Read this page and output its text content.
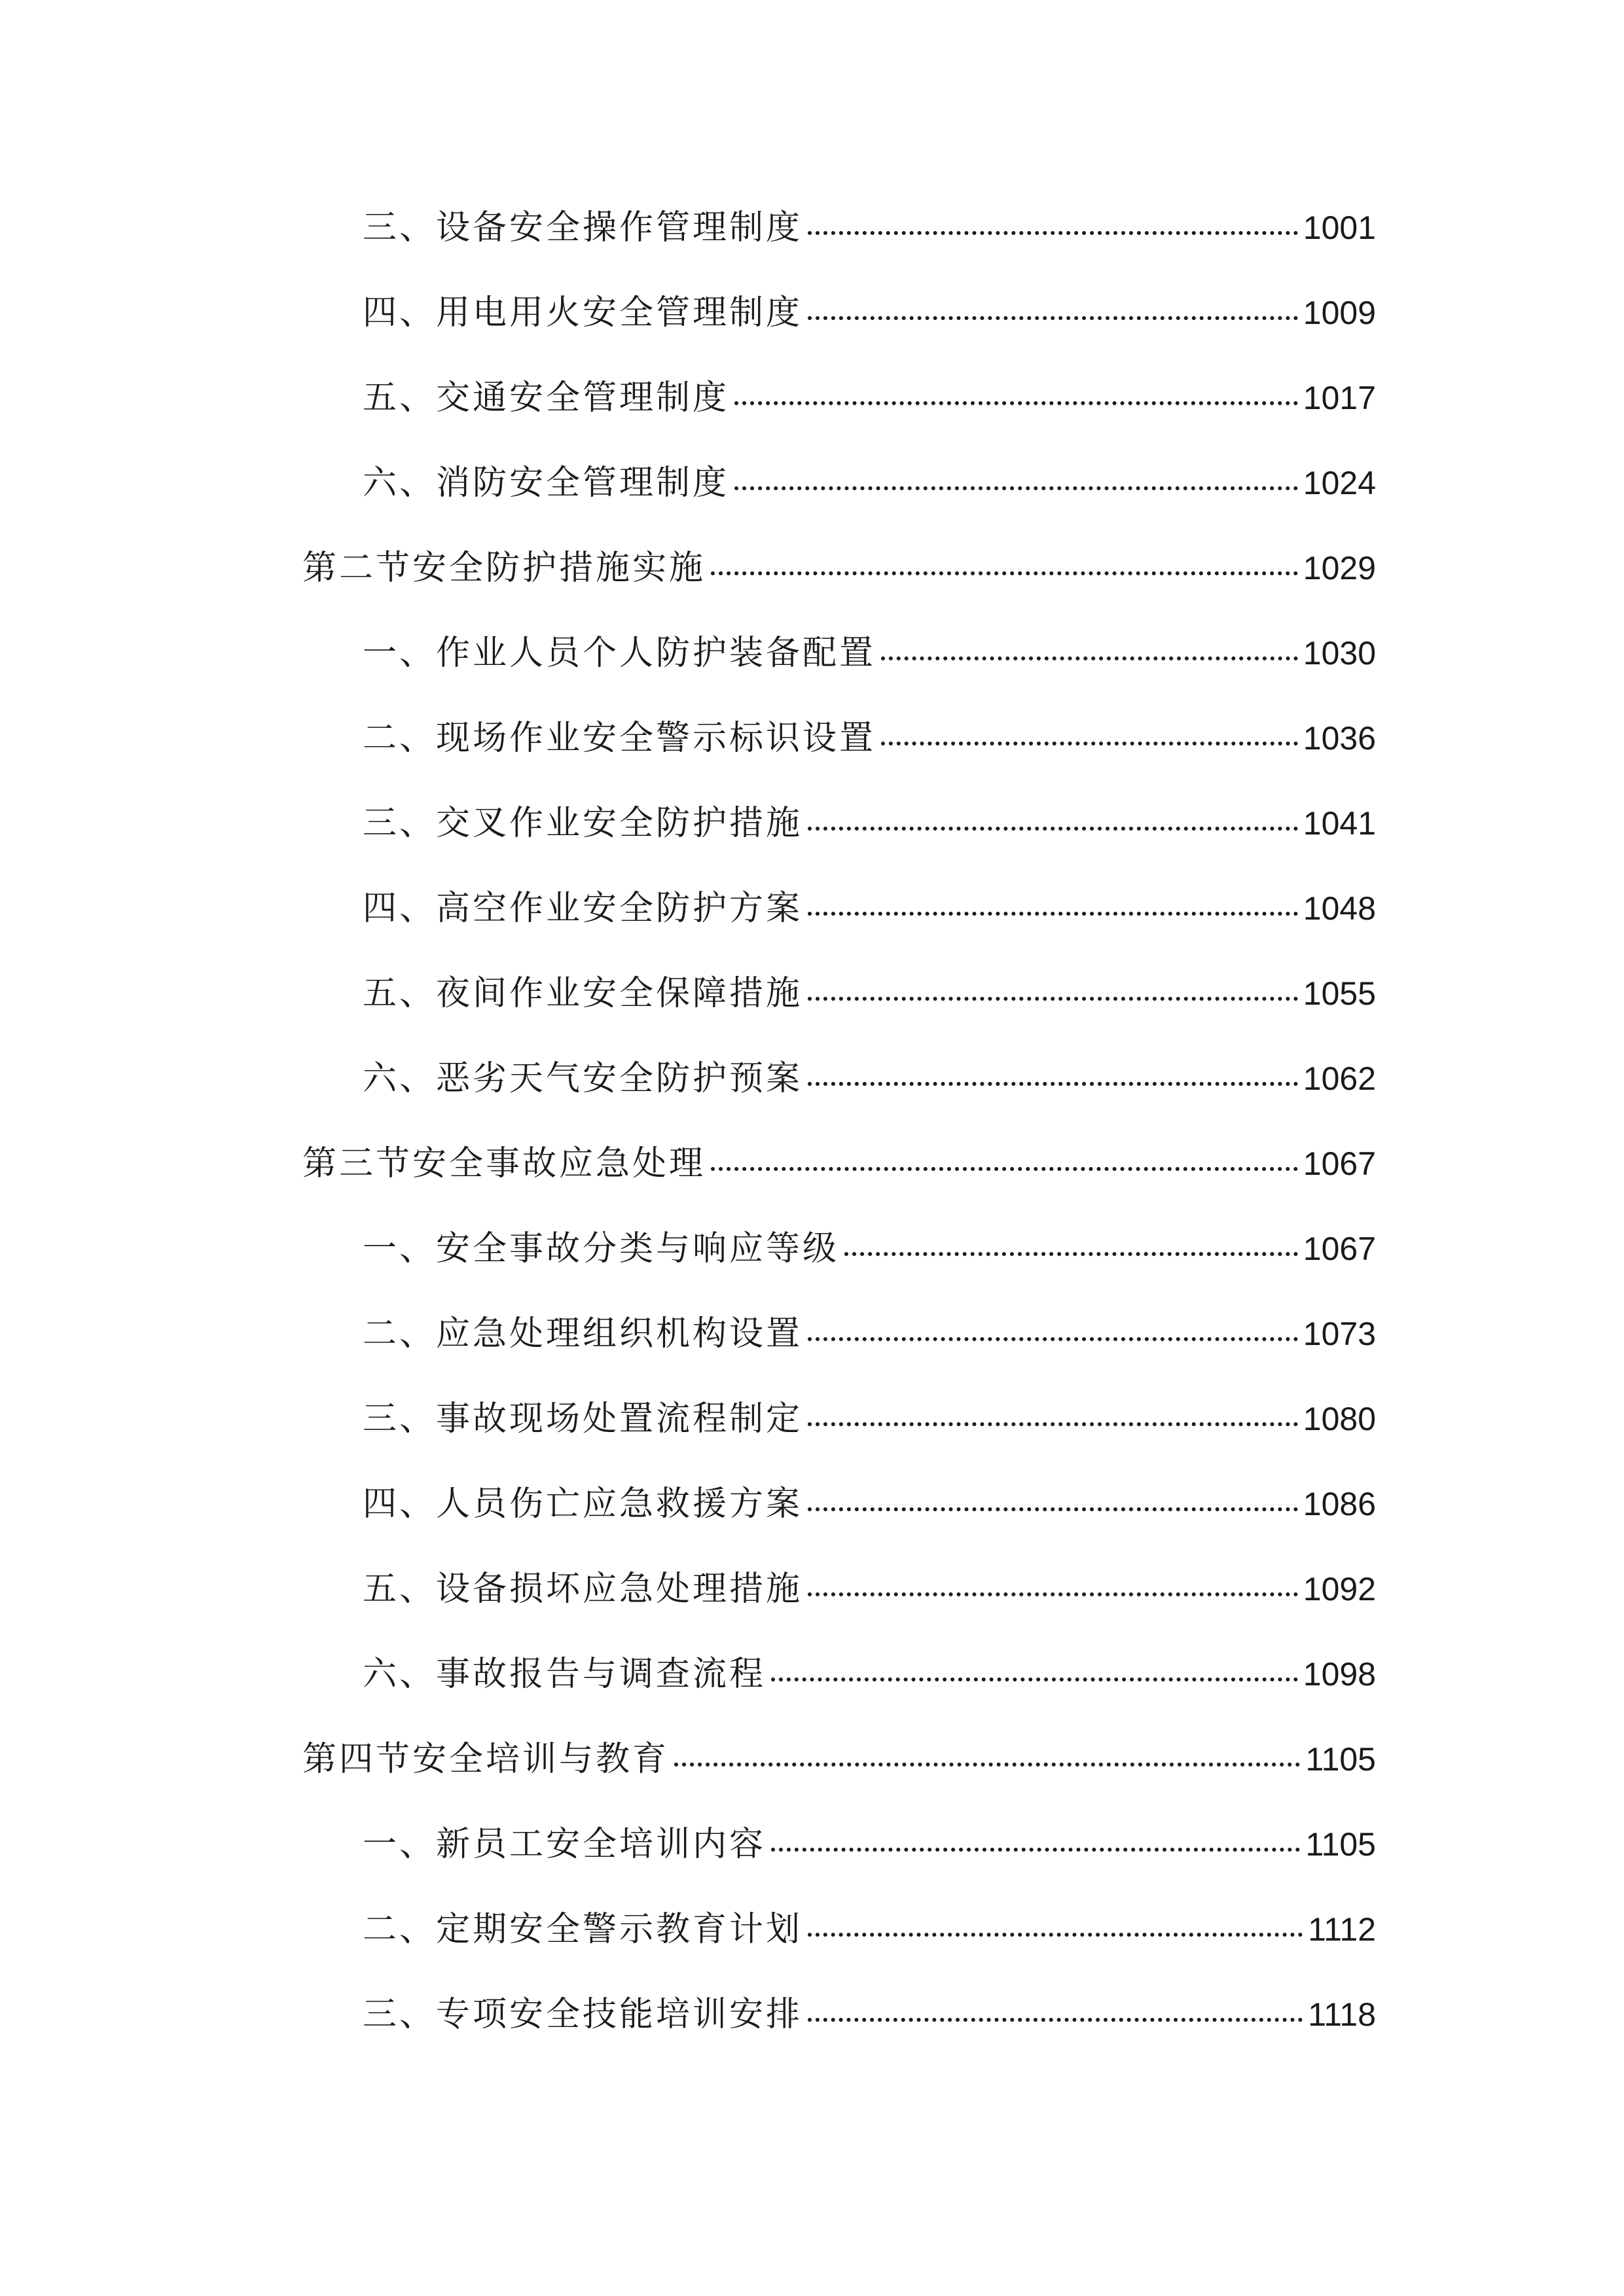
三、设备安全操作管理制度	1001
四、用电用火安全管理制度	1009
五、交通安全管理制度	1017
六、消防安全管理制度	1024
第二节安全防护措施实施	1029
一、作业人员个人防护装备配置	1030
二、现场作业安全警示标识设置	1036
三、交叉作业安全防护措施	1041
四、高空作业安全防护方案	1048
五、夜间作业安全保障措施	1055
六、恶劣天气安全防护预案	1062
第三节安全事故应急处理	1067
一、安全事故分类与响应等级	1067
二、应急处理组织机构设置	1073
三、事故现场处置流程制定	1080
四、人员伤亡应急救援方案	1086
五、设备损坏应急处理措施	1092
六、事故报告与调查流程	1098
第四节安全培训与教育	1105
一、新员工安全培训内容	1105
二、定期安全警示教育计划	1112
三、专项安全技能培训安排	1118
